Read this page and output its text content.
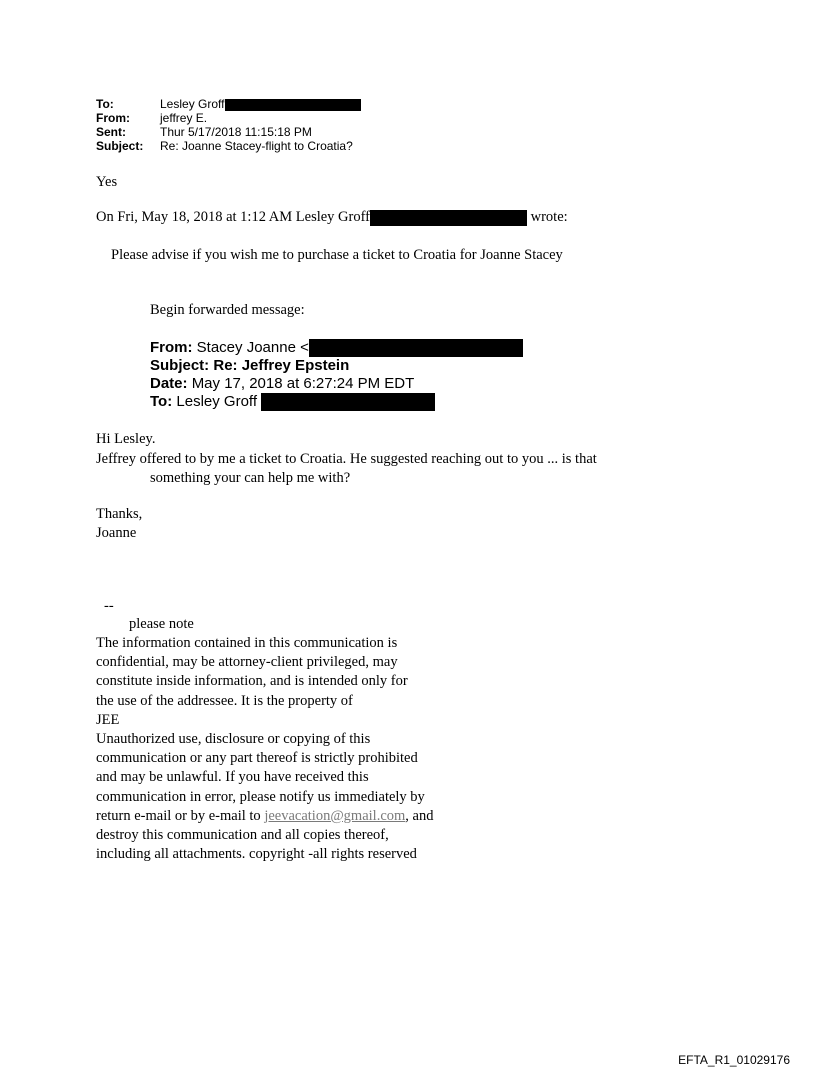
To:	Lesley Groff
From:	jeffrey E.
Sent:	Thur 5/17/2018 11:15:18 PM
Subject: Re: Joanne Stacey-flight to Croatia?
Yes
On Fri, May 18, 2018 at 1:12 AM Lesley Groff	wrote:
Please advise if you wish me to purchase a ticket to Croatia for Joanne Stacey
Begin forwarded message:
From: Stacey Joanne <
Subject: Re: Jeffrey Epstein
Date: May 17, 2018 at 6:27:24 PM EDT
To: Lesley Groff
Hi Lesley.
Jeffrey offered to by me a ticket to Croatia. He suggested reaching out to you ... is that
something your can help me with?
Thanks,
Joanne
--
please note
The information contained in this communication is
confidential, may be attorney-client privileged, may
constitute inside information, and is intended only for
the use of the addressee. It is the property of
JEE
Unauthorized use, disclosure or copying of this
communication or any part thereof is strictly prohibited
and may be unlawful. If you have received this
communication in error, please notify us immediately by
return e-mail or by e-mail to jeevacation@gmail.com, and
destroy this communication and all copies thereof,
including all attachments. copyright -all rights reserved
EFTA_R1_01029176
